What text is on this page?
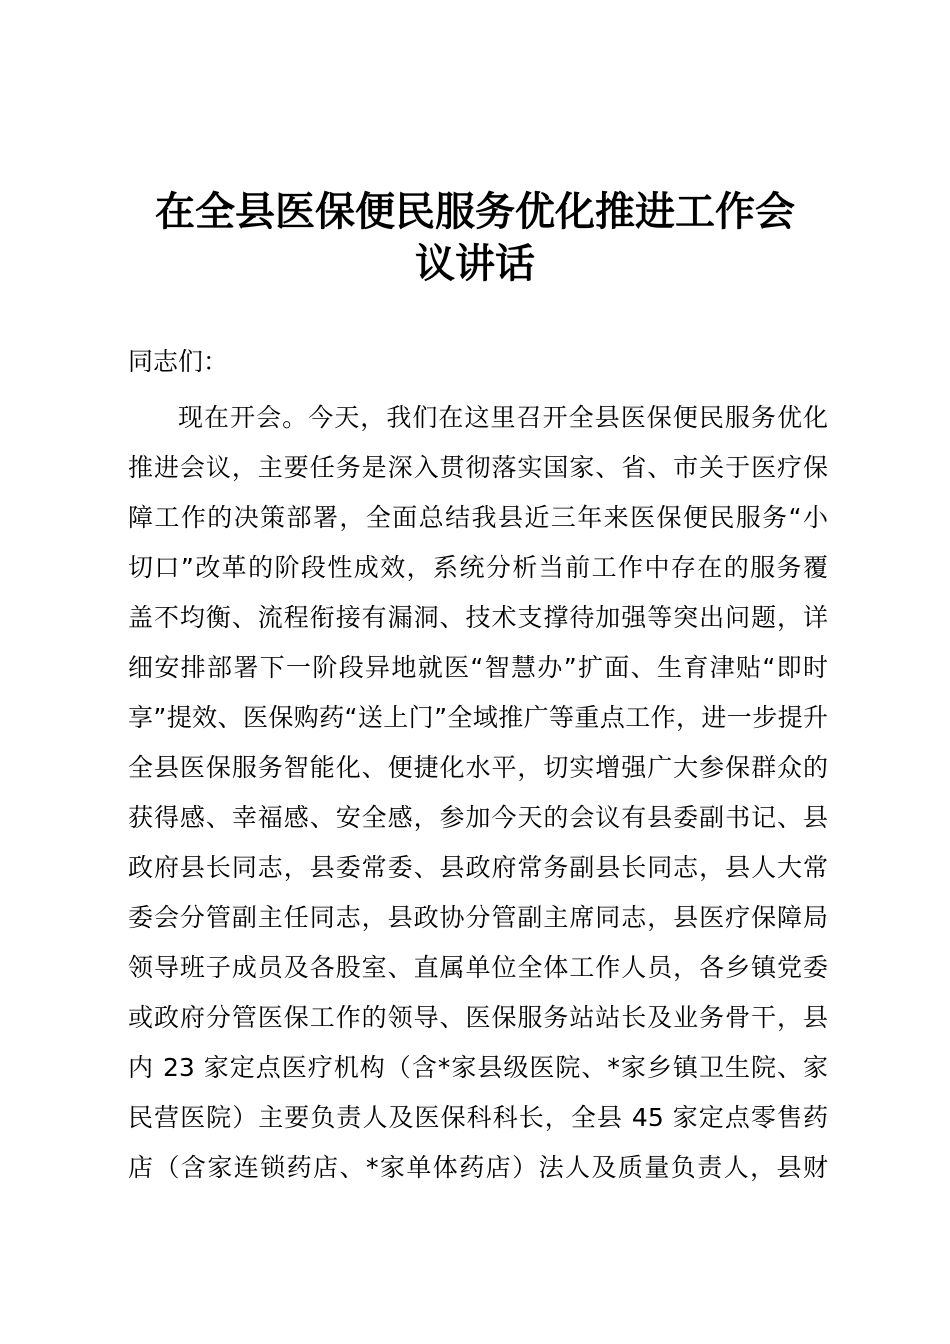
在全县医保便民服务优化推进工作会
议讲话

同志们：

现在开会。今天，我们在这里召开全县医保便民服务优化
推进会议，主要任务是深入贯彻落实国家、省、市关于医疗保
障工作的决策部署，全面总结我县近三年来医保便民服务“小
切口”改革的阶段性成效，系统分析当前工作中存在的服务覆
盖不均衡、流程衔接有漏洞、技术支撑待加强等突出问题，详
细安排部署下一阶段异地就医“智慧办”扩面、生育津贴“即时
享”提效、医保购药“送上门”全域推广等重点工作，进一步提升
全县医保服务智能化、便捷化水平，切实增强广大参保群众的
获得感、幸福感、安全感，参加今天的会议有县委副书记、县
政府县长同志，县委常委、县政府常务副县长同志，县人大常
委会分管副主任同志，县政协分管副主席同志，县医疗保障局
领导班子成员及各股室、直属单位全体工作人员，各乡镇党委
或政府分管医保工作的领导、医保服务站站长及业务骨干，县
内 23 家定点医疗机构（含*家县级医院、*家乡镇卫生院、家
民营医院）主要负责人及医保科科长，全县 45 家定点零售药
店（含家连锁药店、*家单体药店）法人及质量负责人，县财
